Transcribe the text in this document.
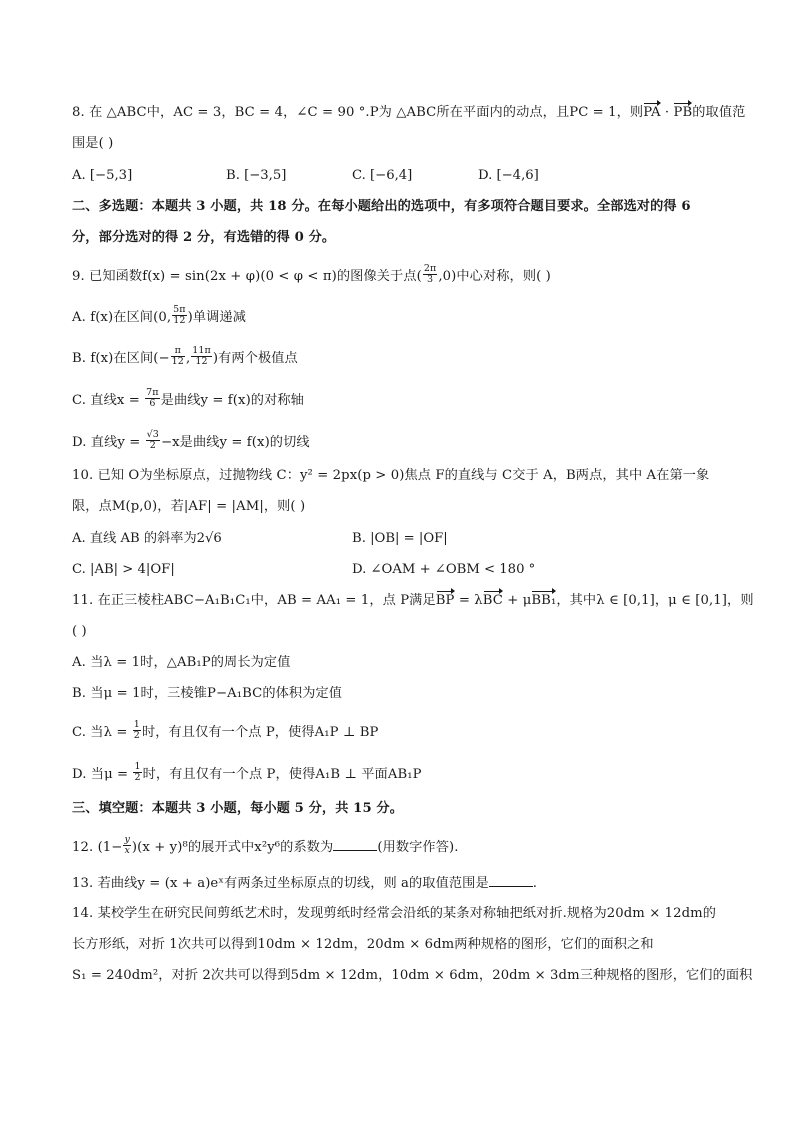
8. 在 △ABC中，AC = 3，BC = 4，∠C = 90 °.P为 △ABC所在平面内的动点，且PC = 1，则PA · PB的取值范
围是( )
A. [−5,3]	B. [−3,5]	C. [−6,4]	D. [−4,6]
二、多选题：本题共 3 小题，共 18 分。在每小题给出的选项中，有多项符合题目要求。全部选对的得 6
分，部分选对的得 2 分，有选错的得 0 分。
9. 已知函数f(x) = sin(2x + φ)(0 < φ < π)的图像关于点( $\frac{2\pi}{3} ,0$)中心对称，则( )
A. f(x)在区间(0, $\frac{5\pi}{12}$ )单调递减
B. f(x)在区间(− $\frac{\pi}{12}$ , $\frac{11\pi}{12}$ )有两个极值点
C. 直线$x = \frac{7\pi}{6}$ 是曲线y = f(x)的对称轴
D. 直线$y = \frac{√3}{2} -x$是曲线y = f(x)的切线
10. 已知 O为坐标原点，过抛物线 C：y² = 2px(p > 0)焦点 F的直线与 C交于 A，B两点，其中 A在第一象
限，点M(p,0)，若|AF| = |AM|，则( )
A. 直线 AB 的斜率为2√6	B. |OB| = |OF|
C. |AB| > 4|OF|	D. ∠OAM + ∠OBM < 180 °
11. 在正三棱柱ABC−A₁B₁C₁中，AB = AA₁ = 1，点 P满足BP = λBC + μBB₁，其中λ ∈ [0,1]，μ ∈ [0,1]，则
( )
A. 当λ = 1时，△AB₁P的周长为定值
B. 当μ = 1时，三棱锥P−A₁BC的体积为定值
C. 当$\lambda = \frac{1}{2}$ 时，有且仅有一个点 P，使得A₁P ⊥ BP
D. 当$\mu = \frac{1}{2}$ 时，有且仅有一个点 P，使得A₁B ⊥ 平面AB₁P
三、填空题：本题共 3 小题，每小题 5 分，共 15 分。
12. $(1- \frac{y}{x} )(x + y)^8$的展开式中x²y⁶的系数为	(用数字作答).
13. 若曲线y = (x + a)eˣ有两条过坐标原点的切线，则 a的取值范围是	.
14. 某校学生在研究民间剪纸艺术时，发现剪纸时经常会沿纸的某条对称轴把纸对折.规格为20dm × 12dm的
长方形纸，对折 1次共可以得到10dm × 12dm，20dm × 6dm两种规格的图形，它们的面积之和
S₁ = 240dm²，对折 2次共可以得到5dm × 12dm，10dm × 6dm，20dm × 3dm三种规格的图形，它们的面积
